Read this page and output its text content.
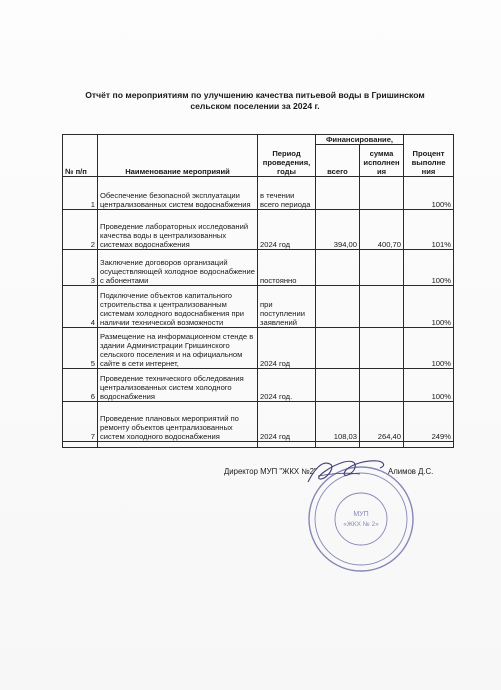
Отчёт по мероприятиям по улучшению качества питьевой воды в Гришинском
сельском поселении за 2024 г.
№ п/п	Наименование мероприяий	Период проведения, годы	Финансирование,		Процент выполне ния
			всего	сумма исполнен ия	
1	Обеспечение безопасной эксплуатации централизованных систем водоснабжения	в течении всего периода			100%
2	Проведение лабораторных исследований качества воды в централизованных системах водоснабжения	2024 год	394,00	400,70	101%
3	Заключение договоров организаций осуществляющей холодное водоснабжение с абонентами	постоянно			100%
4	Подключение объектов капитального строительства к централизованным системам холодного водоснабжения при наличии технической возможности	при поступлении заявлений			100%
5	Размещение на информационном стенде в здании Администрации Гришинского сельского поселения и на официальном сайте в сети интернет,	2024 год			100%
6	Проведение технического обследования централизованных систем холодного водоснабжения	2024 год.			100%
7	Проведение плановых мероприятий по ремонту объектов централизованных систем холодного водоснабжения	2024 год	108,03	264,40	249%

МУП
«ЖКХ № 2»
Директор МУП "ЖКХ №2"	Алимов Д.С.
